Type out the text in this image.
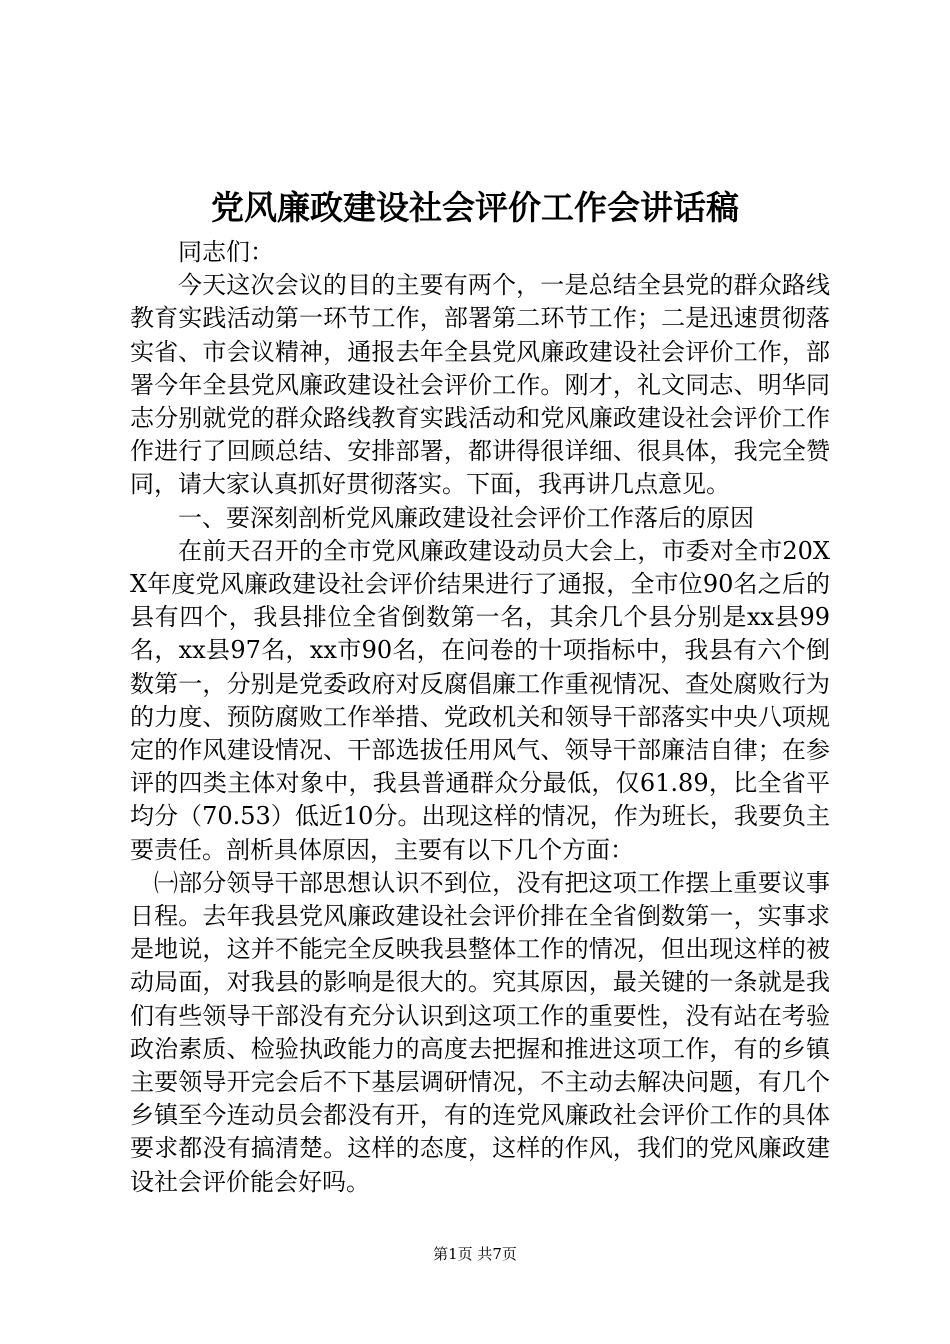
党风廉政建设社会评价工作会讲话稿

同志们：

今天这次会议的目的主要有两个，一是总结全县党的群众路线教育实践活动第一环节工作，部署第二环节工作；二是迅速贯彻落实省、市会议精神，通报去年全县党风廉政建设社会评价工作，部署今年全县党风廉政建设社会评价工作。刚才，礼文同志、明华同志分别就党的群众路线教育实践活动和党风廉政建设社会评价工作作进行了回顾总结、安排部署，都讲得很详细、很具体，我完全赞同，请大家认真抓好贯彻落实。下面，我再讲几点意见。

一、要深刻剖析党风廉政建设社会评价工作落后的原因

在前天召开的全市党风廉政建设动员大会上，市委对全市20XX年度党风廉政建设社会评价结果进行了通报，全市位90名之后的县有四个，我县排位全省倒数第一名，其余几个县分别是xx县99名，xx县97名，xx市90名，在问卷的十项指标中，我县有六个倒数第一，分别是党委政府对反腐倡廉工作重视情况、查处腐败行为的力度、预防腐败工作举措、党政机关和领导干部落实中央八项规定的作风建设情况、干部选拔任用风气、领导干部廉洁自律；在参评的四类主体对象中，我县普通群众分最低，仅61.89，比全省平均分（70.53）低近10分。出现这样的情况，作为班长，我要负主要责任。剖析具体原因，主要有以下几个方面：

㈠部分领导干部思想认识不到位，没有把这项工作摆上重要议事日程。去年我县党风廉政建设社会评价排在全省倒数第一，实事求是地说，这并不能完全反映我县整体工作的情况，但出现这样的被动局面，对我县的影响是很大的。究其原因，最关键的一条就是我们有些领导干部没有充分认识到这项工作的重要性，没有站在考验政治素质、检验执政能力的高度去把握和推进这项工作，有的乡镇主要领导开完会后不下基层调研情况，不主动去解决问题，有几个乡镇至今连动员会都没有开，有的连党风廉政社会评价工作的具体要求都没有搞清楚。这样的态度，这样的作风，我们的党风廉政建设社会评价能会好吗。

第1页 共7页
